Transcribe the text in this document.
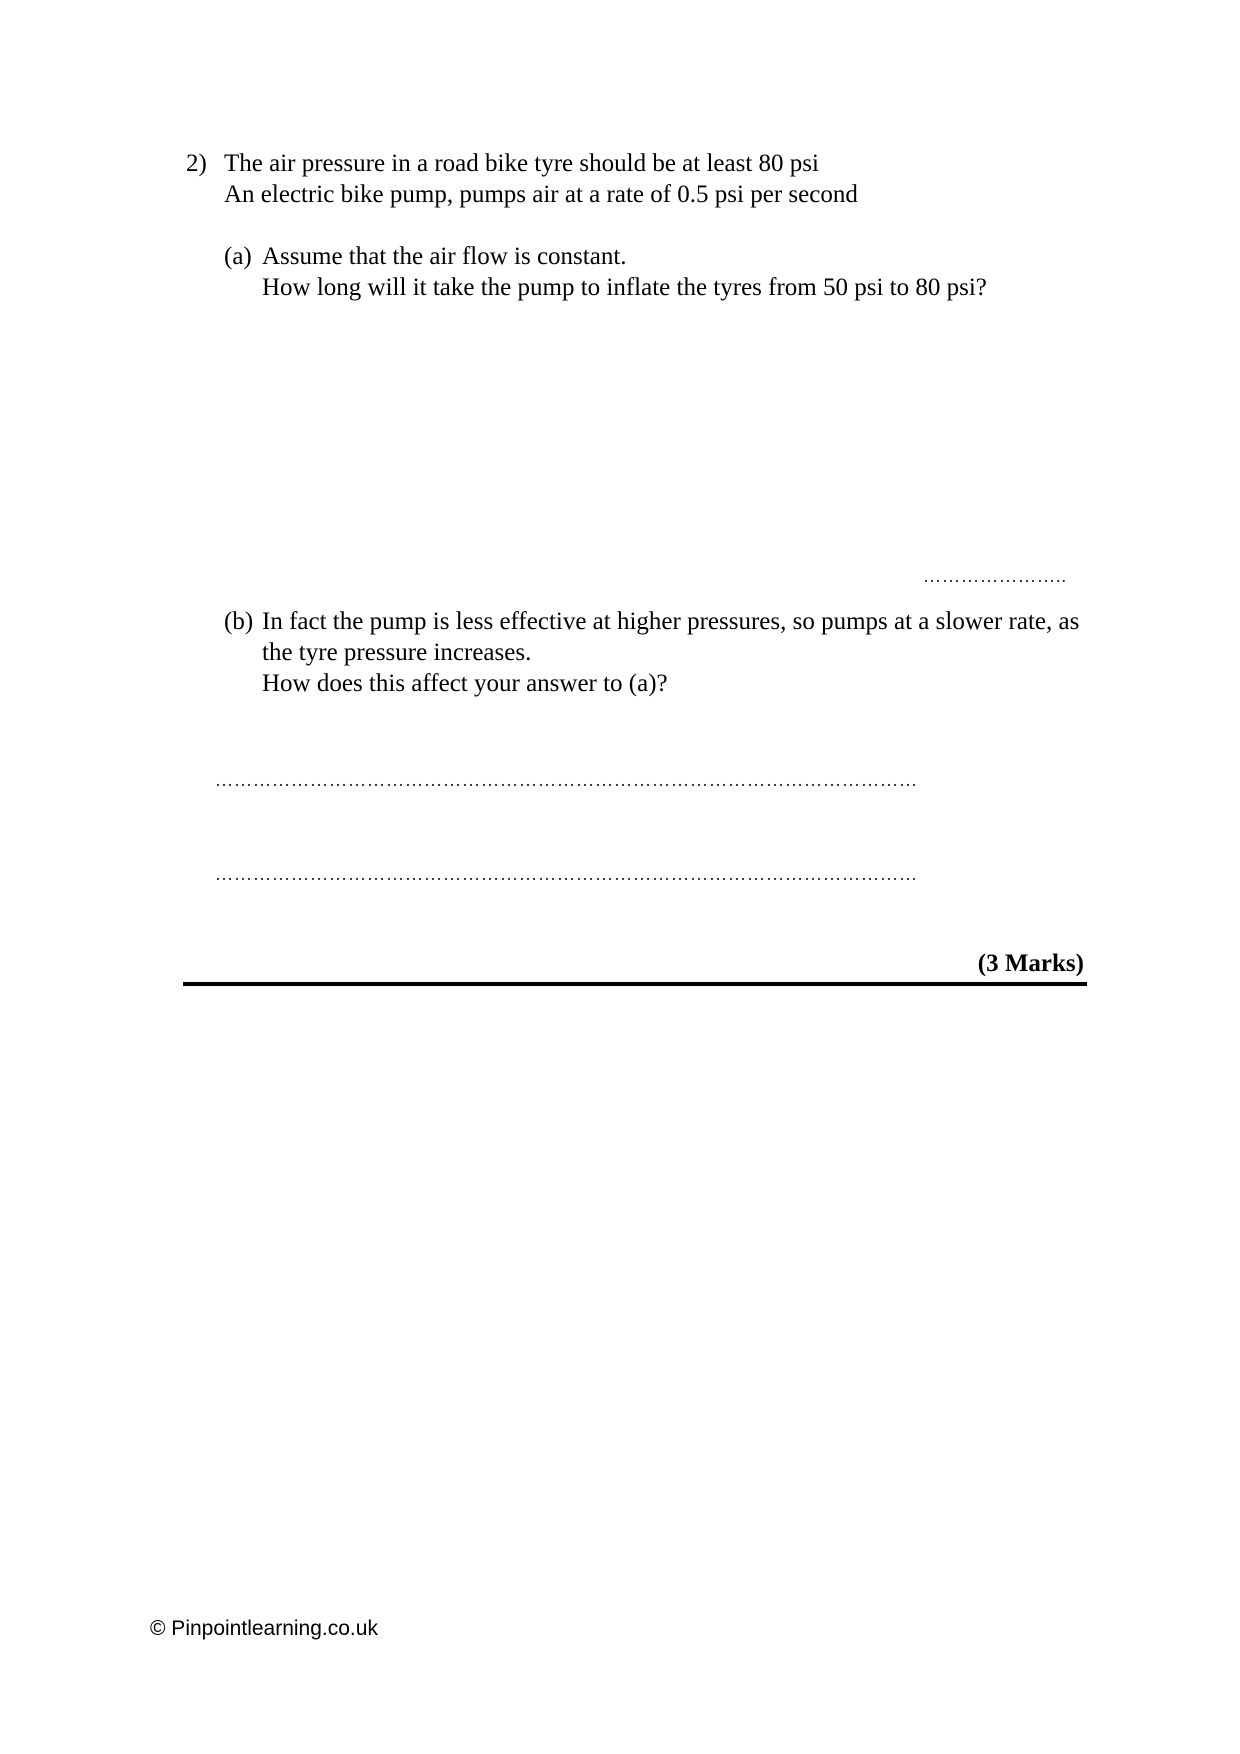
2) The air pressure in a road bike tyre should be at least 80 psi
An electric bike pump, pumps air at a rate of 0.5 psi per second
(a) Assume that the air flow is constant.
How long will it take the pump to inflate the tyres from 50 psi to 80 psi?
…………………..
(b) In fact the pump is less effective at higher pressures, so pumps at a slower rate, as
the tyre pressure increases.
How does this affect your answer to (a)?
…………………………………………………………………………………………………
…………………………………………………………………………………………………
(3 Marks)
© Pinpointlearning.co.uk
